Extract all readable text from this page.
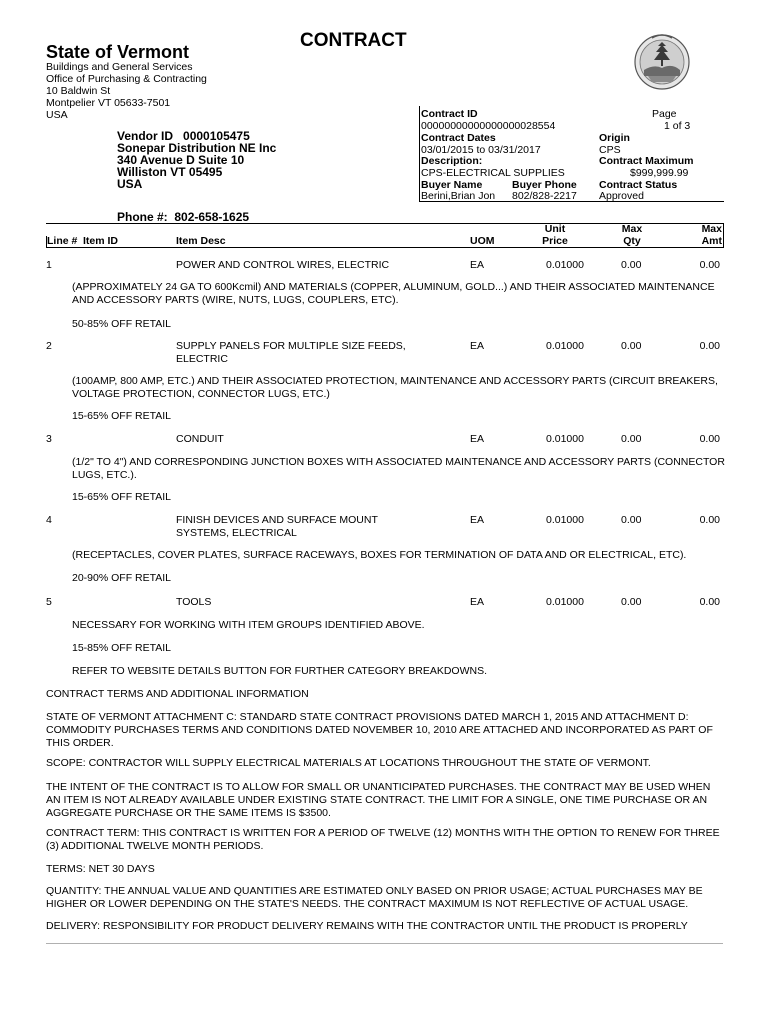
CONTRACT
State of Vermont
Buildings and General Services
Office of Purchasing & Contracting
10 Baldwin St
Montpelier VT 05633-7501
USA	Contract ID
00000000000000000028554
Page
1 of 3
Contract Dates
03/01/2015 to 03/31/2017
Origin
CPS
Description:
CPS-ELECTRICAL SUPPLIES
Contract Maximum
$999,999.99
Buyer Name
Berini,Brian Jon
Buyer Phone
802/828-2217
Contract Status
Approved
Vendor ID 0000105475
Sonepar Distribution NE Inc
340 Avenue D Suite 10
Williston VT 05495
USA
Phone #: 802-658-1625
Line # Item ID	Item Desc	UOM
Unit
Price
Max
Qty
Max
Amt
1	POWER AND CONTROL WIRES, ELECTRIC	EA	0.01000	0.00	0.00
(APPROXIMATELY 24 GA TO 600Kcmil) AND MATERIALS (COPPER, ALUMINUM, GOLD...) AND THEIR ASSOCIATED MAINTENANCE AND ACCESSORY PARTS (WIRE, NUTS, LUGS, COUPLERS, ETC).
50-85% OFF RETAIL
2	SUPPLY PANELS FOR MULTIPLE SIZE FEEDS, ELECTRIC
EA	0.01000	0.00	0.00
(100AMP, 800 AMP, ETC.) AND THEIR ASSOCIATED PROTECTION, MAINTENANCE AND ACCESSORY PARTS (CIRCUIT BREAKERS, VOLTAGE PROTECTION, CONNECTOR LUGS, ETC.)
15-65% OFF RETAIL
3	CONDUIT	EA	0.01000	0.00	0.00
(1/2" TO 4") AND CORRESPONDING JUNCTION BOXES WITH ASSOCIATED MAINTENANCE AND ACCESSORY PARTS (CONNECTOR LUGS, ETC.).
15-65% OFF RETAIL
4	FINISH DEVICES AND SURFACE MOUNT SYSTEMS, ELECTRICAL
EA	0.01000	0.00	0.00
(RECEPTACLES, COVER PLATES, SURFACE RACEWAYS, BOXES FOR TERMINATION OF DATA AND OR ELECTRICAL, ETC).
20-90% OFF RETAIL
5	TOOLS	EA	0.01000	0.00	0.00
NECESSARY FOR WORKING WITH ITEM GROUPS IDENTIFIED ABOVE.
15-85% OFF RETAIL
REFER TO WEBSITE DETAILS BUTTON FOR FURTHER CATEGORY BREAKDOWNS.
CONTRACT TERMS AND ADDITIONAL INFORMATION
STATE OF VERMONT ATTACHMENT C: STANDARD STATE CONTRACT PROVISIONS DATED MARCH 1, 2015 AND ATTACHMENT D: COMMODITY PURCHASES TERMS AND CONDITIONS DATED NOVEMBER 10, 2010 ARE ATTACHED AND INCORPORATED AS PART OF THIS ORDER.
SCOPE: CONTRACTOR WILL SUPPLY ELECTRICAL MATERIALS AT LOCATIONS THROUGHOUT THE STATE OF VERMONT.
THE INTENT OF THE CONTRACT IS TO ALLOW FOR SMALL OR UNANTICIPATED PURCHASES. THE CONTRACT MAY BE USED WHEN AN ITEM IS NOT ALREADY AVAILABLE UNDER EXISTING STATE CONTRACT. THE LIMIT FOR A SINGLE, ONE TIME PURCHASE OR AN AGGREGATE PURCHASE OR THE SAME ITEMS IS $3500.
CONTRACT TERM: THIS CONTRACT IS WRITTEN FOR A PERIOD OF TWELVE (12) MONTHS WITH THE OPTION TO RENEW FOR THREE (3) ADDITIONAL TWELVE MONTH PERIODS.
TERMS: NET 30 DAYS
QUANTITY: THE ANNUAL VALUE AND QUANTITIES ARE ESTIMATED ONLY BASED ON PRIOR USAGE; ACTUAL PURCHASES MAY BE HIGHER OR LOWER DEPENDING ON THE STATE'S NEEDS. THE CONTRACT MAXIMUM IS NOT REFLECTIVE OF ACTUAL USAGE.
DELIVERY: RESPONSIBILITY FOR PRODUCT DELIVERY REMAINS WITH THE CONTRACTOR UNTIL THE PRODUCT IS PROPERLY
